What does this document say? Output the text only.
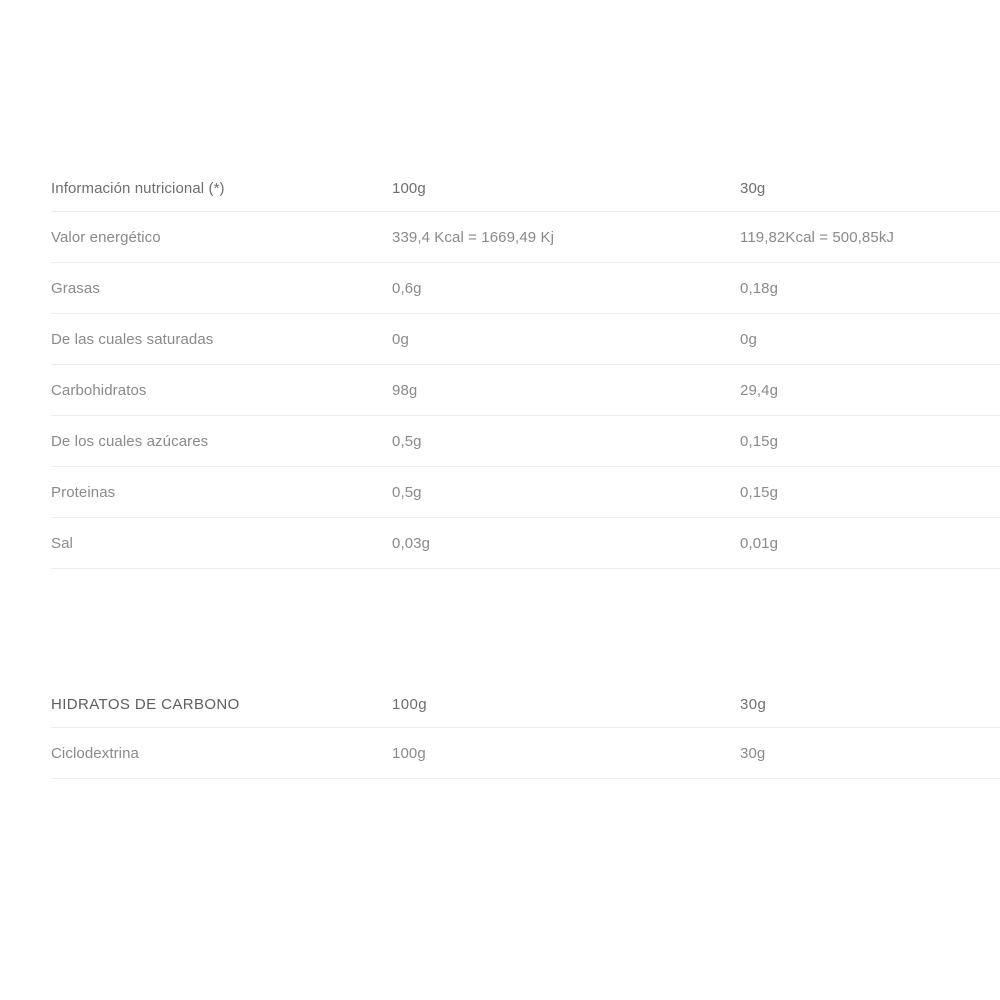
Información nutricional (*)	100g	30g
Valor energético	339,4 Kcal = 1669,49 Kj	119,82Kcal = 500,85kJ
Grasas	0,6g	0,18g
De las cuales saturadas	0g	0g
Carbohidratos	98g	29,4g
De los cuales azúcares	0,5g	0,15g
Proteinas	0,5g	0,15g
Sal	0,03g	0,01g
HIDRATOS DE CARBONO	100g	30g
Ciclodextrina	100g	30g
